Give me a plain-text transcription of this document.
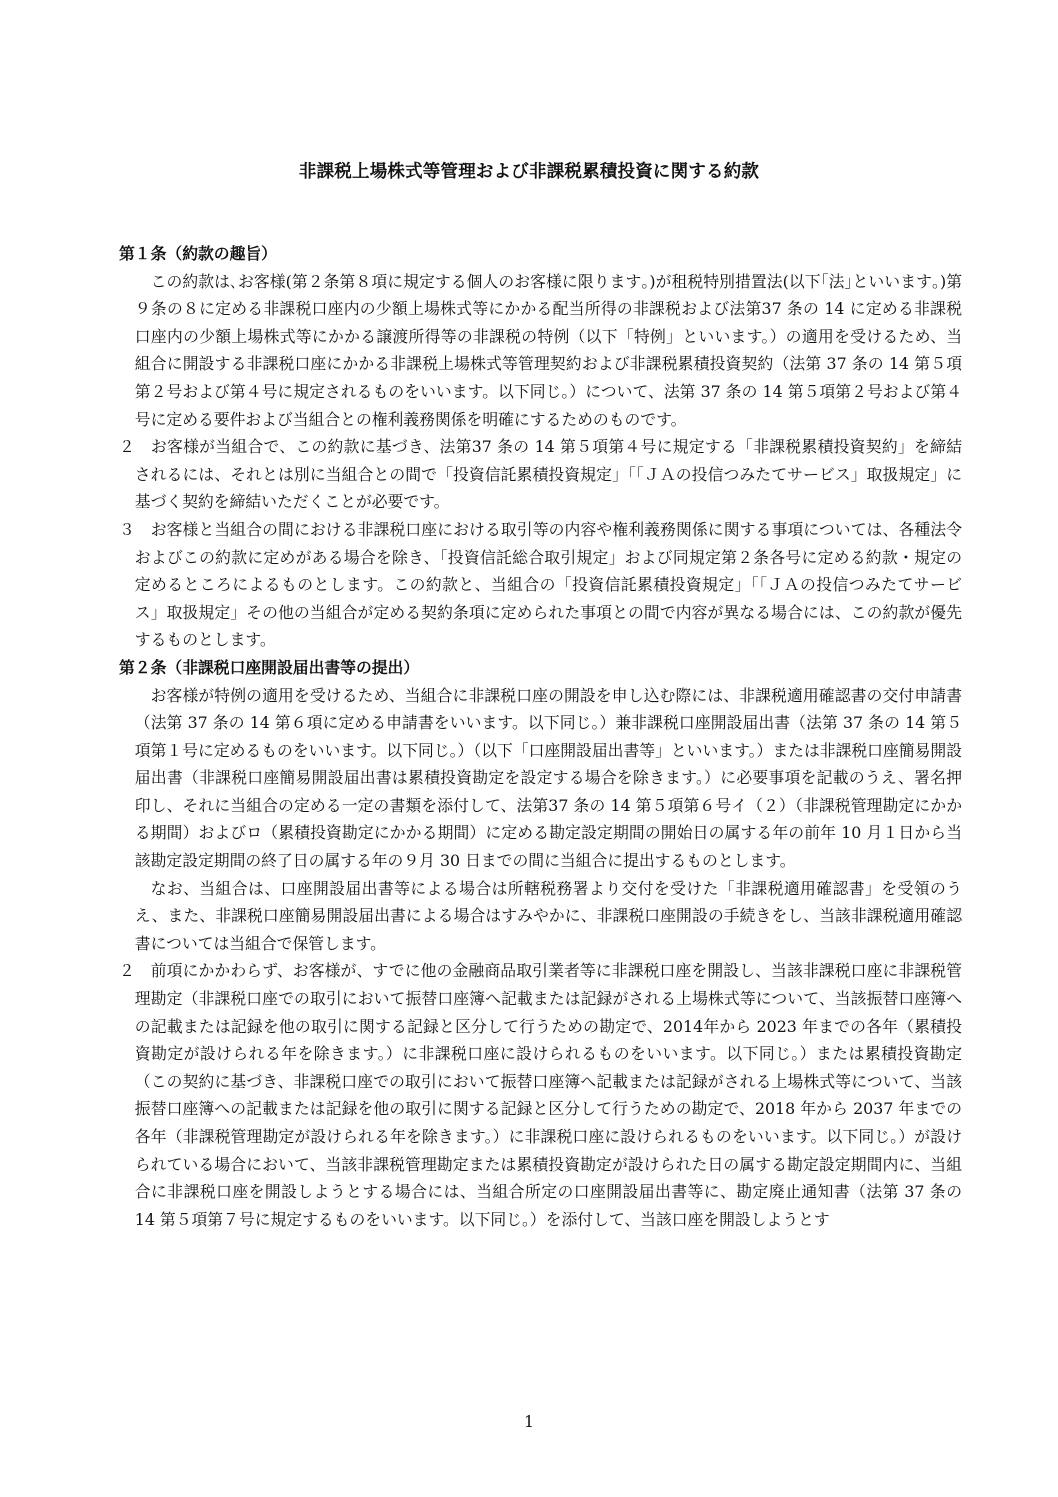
非課税上場株式等管理および非課税累積投資に関する約款

第１条（約款の趣旨）

この約款は､お客様(第２条第８項に規定する個人のお客様に限ります｡)が租税特別措置法(以下｢法｣といいます｡)第９条の８に定める非課税口座内の少額上場株式等にかかる配当所得の非課税および法第37 条の 14 に定める非課税口座内の少額上場株式等にかかる譲渡所得等の非課税の特例（以下「特例」といいます。）の適用を受けるため、当組合に開設する非課税口座にかかる非課税上場株式等管理契約および非課税累積投資契約（法第 37 条の 14 第５項第２号および第４号に規定されるものをいいます。以下同じ。）について、法第 37 条の 14 第５項第２号および第４号に定める要件および当組合との権利義務関係を明確にするためのものです。

２ お客様が当組合で、この約款に基づき、法第37 条の 14 第５項第４号に規定する「非課税累積投資契約」を締結されるには、それとは別に当組合との間で「投資信託累積投資規定」「「ＪＡの投信つみたてサービス」取扱規定」に基づく契約を締結いただくことが必要です。

３ お客様と当組合の間における非課税口座における取引等の内容や権利義務関係に関する事項については、各種法令およびこの約款に定めがある場合を除き、「投資信託総合取引規定」および同規定第２条各号に定める約款・規定の定めるところによるものとします。この約款と、当組合の「投資信託累積投資規定」「「ＪＡの投信つみたてサービス」取扱規定」その他の当組合が定める契約条項に定められた事項との間で内容が異なる場合には、この約款が優先するものとします。

第２条（非課税口座開設届出書等の提出）

お客様が特例の適用を受けるため、当組合に非課税口座の開設を申し込む際には、非課税適用確認書の交付申請書（法第 37 条の 14 第６項に定める申請書をいいます。以下同じ。）兼非課税口座開設届出書（法第 37 条の 14 第５項第１号に定めるものをいいます。以下同じ。）（以下「口座開設届出書等」といいます。）または非課税口座簡易開設届出書（非課税口座簡易開設届出書は累積投資勘定を設定する場合を除きます。）に必要事項を記載のうえ、署名押印し、それに当組合の定める一定の書類を添付して、法第37 条の 14 第５項第６号イ（２）（非課税管理勘定にかかる期間）およびロ（累積投資勘定にかかる期間）に定める勘定設定期間の開始日の属する年の前年 10 月１日から当該勘定設定期間の終了日の属する年の９月 30 日までの間に当組合に提出するものとします。

なお、当組合は、口座開設届出書等による場合は所轄税務署より交付を受けた「非課税適用確認書」を受領のうえ、また、非課税口座簡易開設届出書による場合はすみやかに、非課税口座開設の手続きをし、当該非課税適用確認書については当組合で保管します。

２ 前項にかかわらず、お客様が、すでに他の金融商品取引業者等に非課税口座を開設し、当該非課税口座に非課税管理勘定（非課税口座での取引において振替口座簿へ記載または記録がされる上場株式等について、当該振替口座簿への記載または記録を他の取引に関する記録と区分して行うための勘定で、2014年から 2023 年までの各年（累積投資勘定が設けられる年を除きます。）に非課税口座に設けられるものをいいます。以下同じ。）または累積投資勘定（この契約に基づき、非課税口座での取引において振替口座簿へ記載または記録がされる上場株式等について、当該振替口座簿への記載または記録を他の取引に関する記録と区分して行うための勘定で、2018 年から 2037 年までの各年（非課税管理勘定が設けられる年を除きます。）に非課税口座に設けられるものをいいます。以下同じ。）が設けられている場合において、当該非課税管理勘定または累積投資勘定が設けられた日の属する勘定設定期間内に、当組合に非課税口座を開設しようとする場合には、当組合所定の口座開設届出書等に、勘定廃止通知書（法第 37 条の 14 第５項第７号に規定するものをいいます。以下同じ。）を添付して、当該口座を開設しようとす

1
